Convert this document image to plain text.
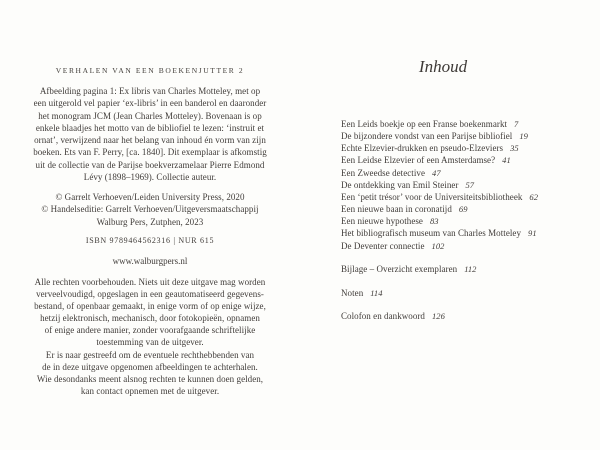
VERHALEN VAN EEN BOEKENJUTTER 2
Afbeelding pagina 1: Ex libris van Charles Motteley, met op
een uitgerold vel papier ‘ex-libris’ in een banderol en daaronder
het monogram JCM (Jean Charles Motteley). Bovenaan is op
enkele blaadjes het motto van de bibliofiel te lezen: ‘instruit et
ornat’, verwijzend naar het belang van inhoud én vorm van zijn
boeken. Ets van F. Perry, [ca. 1840]. Dit exemplaar is afkomstig
uit de collectie van de Parijse boekverzamelaar Pierre Edmond
Lévy (1898–1969). Collectie auteur.
© Garrelt Verhoeven/Leiden University Press, 2020
© Handelseditie: Garrelt Verhoeven/Uitgeversmaatschappij
Walburg Pers, Zutphen, 2023
ISBN 9789464562316 | NUR 615
www.walburgpers.nl
Alle rechten voorbehouden. Niets uit deze uitgave mag worden
verveelvoudigd, opgeslagen in een geautomatiseerd gegevens-
bestand, of openbaar gemaakt, in enige vorm of op enige wijze,
hetzij elektronisch, mechanisch, door fotokopieën, opnamen
of enige andere manier, zonder voorafgaande schriftelijke
toestemming van de uitgever.
Er is naar gestreefd om de eventuele rechthebbenden van
de in deze uitgave opgenomen afbeeldingen te achterhalen.
Wie desondanks meent alsnog rechten te kunnen doen gelden,
kan contact opnemen met de uitgever.
Inhoud
Een Leids boekje op een Franse boekenmarkt 7
De bijzondere vondst van een Parijse bibliofiel 19
Echte Elzevier-drukken en pseudo-Elzeviers 35
Een Leidse Elzevier of een Amsterdamse? 41
Een Zweedse detective 47
De ontdekking van Emil Steiner 57
Een ‘petit trésor’ voor de Universiteitsbibliotheek 62
Een nieuwe baan in coronatijd 69
Een nieuwe hypothese 83
Het bibliografisch museum van Charles Motteley 91
De Deventer connectie 102
Bijlage – Overzicht exemplaren 112
Noten 114
Colofon en dankwoord 126
